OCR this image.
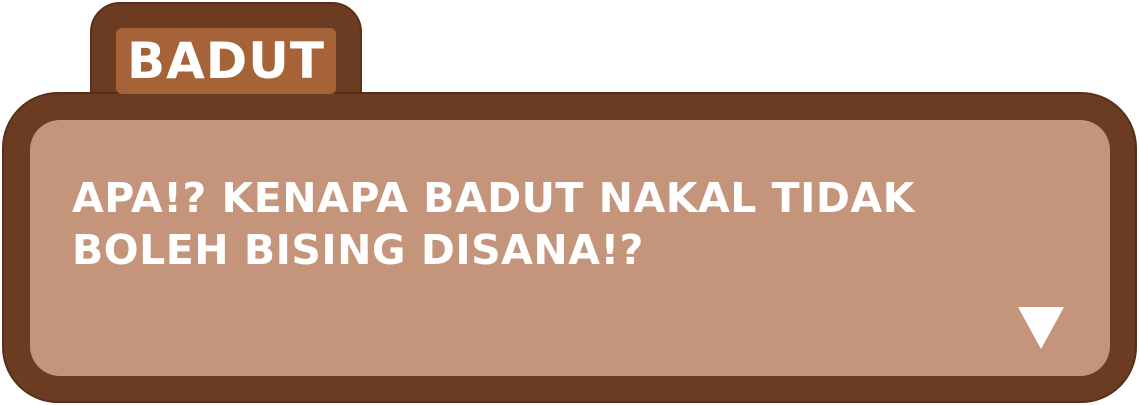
BADUT
APA!? KENAPA BADUT NAKAL TIDAK
BOLEH BISING DISANA!?
